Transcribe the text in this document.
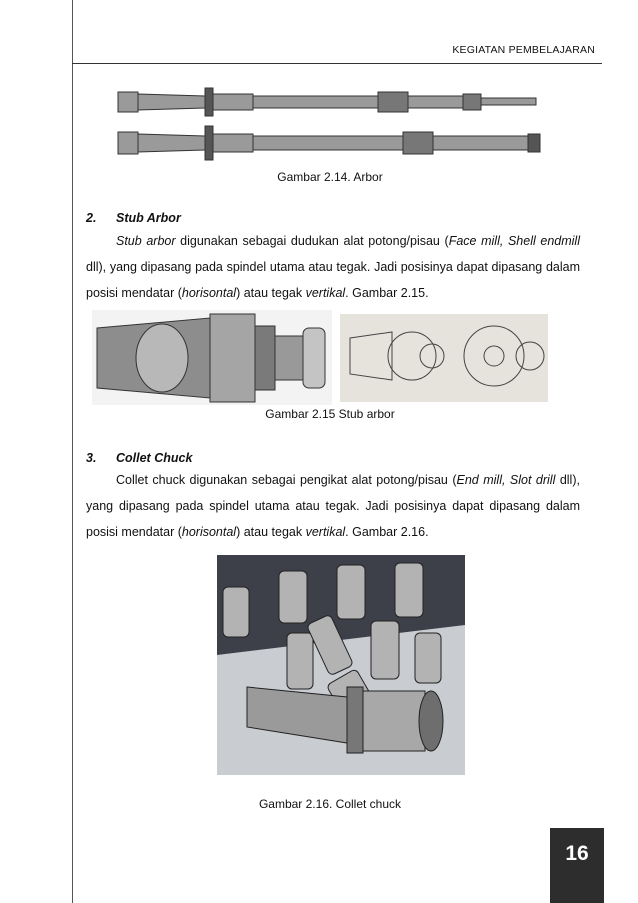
KEGIATAN PEMBELAJARAN
Gambar 2.14. Arbor
2. Stub Arbor
Stub arbor digunakan sebagai dudukan alat potong/pisau (Face mill, Shell endmill dll), yang dipasang pada spindel utama atau tegak. Jadi posisinya dapat dipasang dalam posisi mendatar (horisontal) atau tegak vertikal. Gambar 2.15.
Gambar 2.15 Stub arbor
3. Collet Chuck
Collet chuck digunakan sebagai pengikat alat potong/pisau (End mill, Slot drill dll), yang dipasang pada spindel utama atau tegak. Jadi posisinya dapat dipasang dalam posisi mendatar (horisontal) atau tegak vertikal. Gambar 2.16.
Gambar 2.16. Collet chuck
16
